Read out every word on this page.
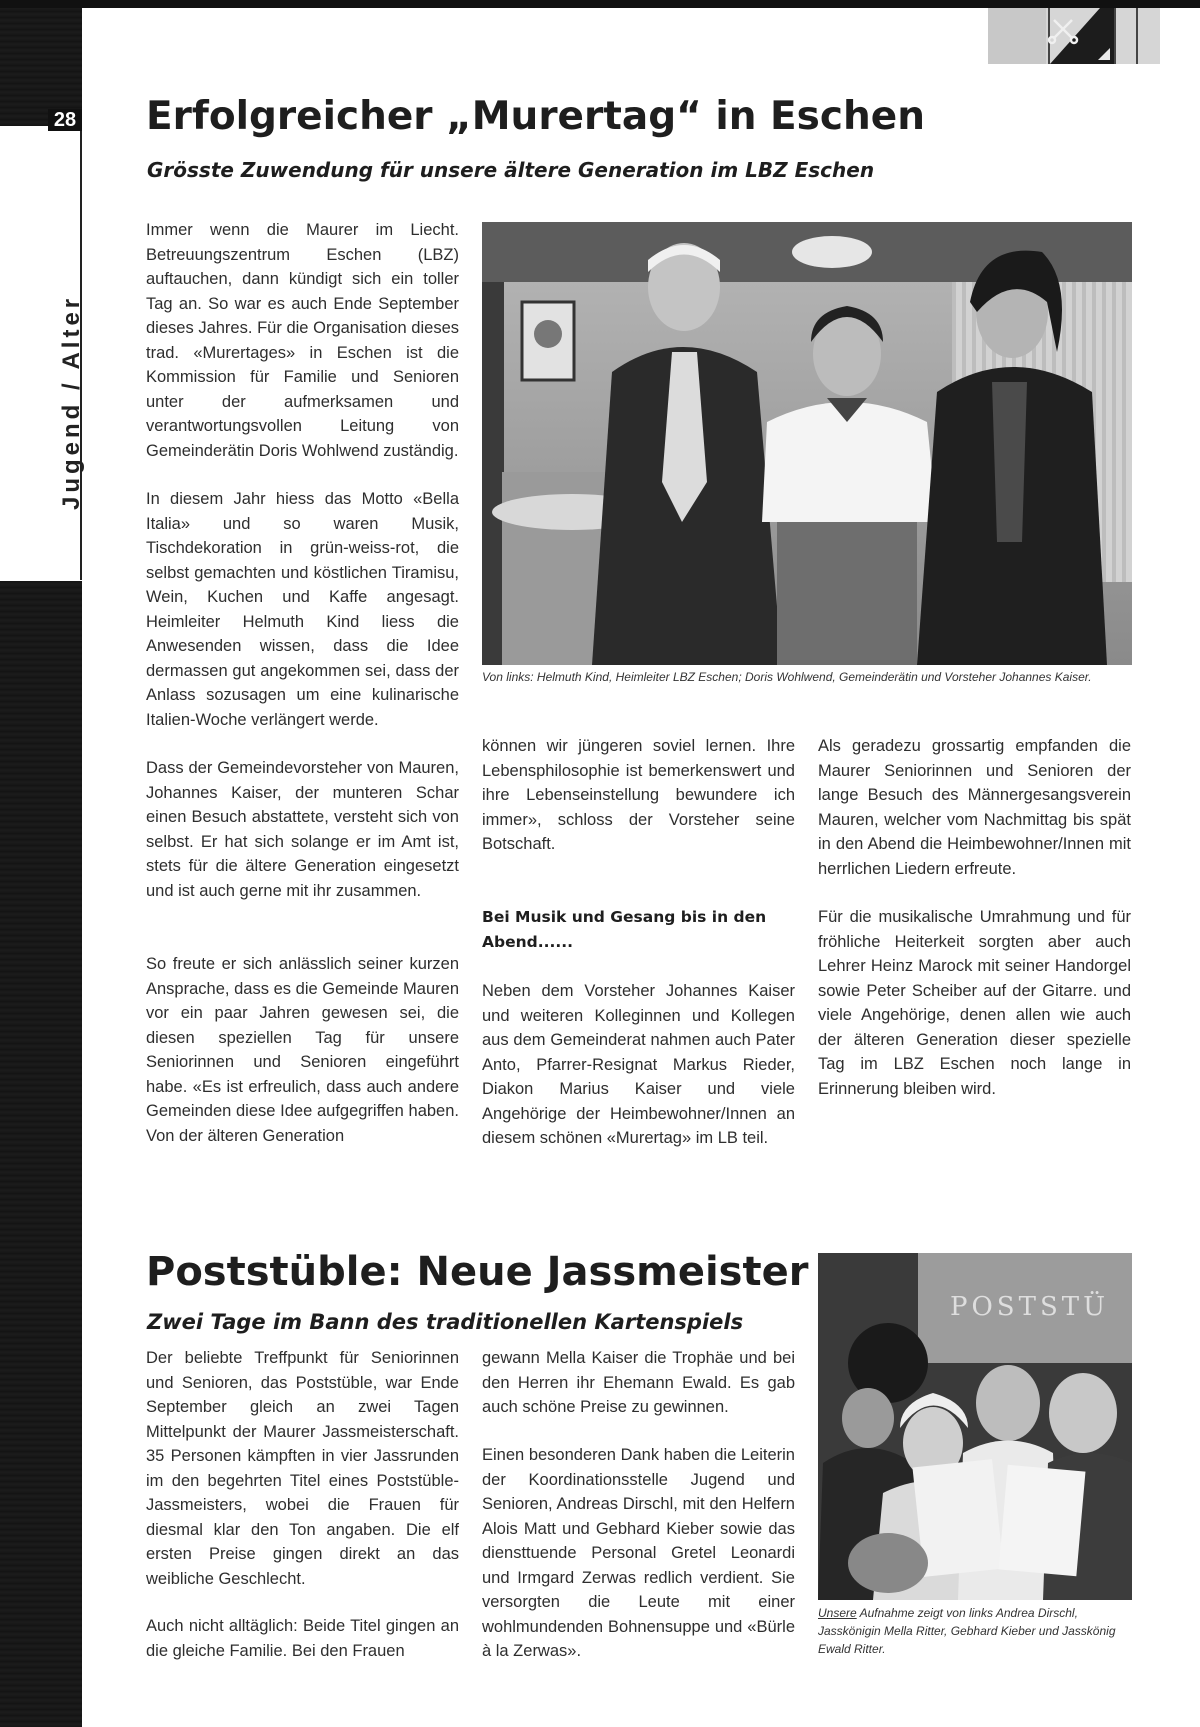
28
Jugend / Alter
Erfolgreicher „Murertag“ in Eschen
Grösste Zuwendung für unsere ältere Generation im LBZ Eschen

Immer wenn die Maurer im Liecht. Betreuungszentrum Eschen (LBZ) auftauchen, dann kündigt sich ein toller Tag an. So war es auch Ende September dieses Jahres. Für die Organisation dieses trad. «Murertages» in Eschen ist die Kommission für Familie und Senioren unter der aufmerksamen und verantwortungsvollen Leitung von Gemeinderätin Doris Wohlwend zuständig.

In diesem Jahr hiess das Motto «Bella Italia» und so waren Musik, Tischdekoration in grün-weiss-rot, die selbst gemachten und köstlichen Tiramisu, Wein, Kuchen und Kaffe angesagt. Heimleiter Helmuth Kind liess die Anwesenden wissen, dass die Idee dermassen gut angekommen sei, dass der Anlass sozusagen um eine kulinarische Italien-Woche verlängert werde.

Dass der Gemeindevorsteher von Mauren, Johannes Kaiser, der munteren Schar einen Besuch abstattete, versteht sich von selbst. Er hat sich solange er im Amt ist, stets für die ältere Generation eingesetzt und ist auch gerne mit ihr zusammen.

So freute er sich anlässlich seiner kurzen Ansprache, dass es die Gemeinde Mauren vor ein paar Jahren gewesen sei, die diesen speziellen Tag für unsere Seniorinnen und Senioren eingeführt habe. «Es ist erfreulich, dass auch andere Gemeinden diese Idee aufgegriffen haben. Von der älteren Generation

können wir jüngeren soviel lernen. Ihre Lebensphilosophie ist bemerkenswert und ihre Lebenseinstellung bewundere ich immer», schloss der Vorsteher seine Botschaft.

Bei Musik und Gesang bis in den Abend......

Neben dem Vorsteher Johannes Kaiser und weiteren Kolleginnen und Kollegen aus dem Gemeinderat nahmen auch Pater Anto, Pfarrer-Resignat Markus Rieder, Diakon Marius Kaiser und viele Angehörige der Heimbewohner/Innen an diesem schönen «Murertag» im LB teil.

Als geradezu grossartig empfanden die Maurer Seniorinnen und Senioren der lange Besuch des Männergesangsverein Mauren, welcher vom Nachmittag bis spät in den Abend die Heimbewohner/Innen mit herrlichen Liedern erfreute.

Für die musikalische Umrahmung und für fröhliche Heiterkeit sorgten aber auch Lehrer Heinz Marock mit seiner Handorgel sowie Peter Scheiber auf der Gitarre. und viele Angehörige, denen allen wie auch der älteren Generation dieser spezielle Tag im LBZ Eschen noch lange in Erinnerung bleiben wird.

Von links: Helmuth Kind, Heimleiter LBZ Eschen; Doris Wohlwend, Gemeinderätin und Vorsteher Johannes Kaiser.

Poststüble: Neue Jassmeister
Zwei Tage im Bann des traditionellen Kartenspiels

Der beliebte Treffpunkt für Seniorinnen und Senioren, das Poststüble, war Ende September gleich an zwei Tagen Mittelpunkt der Maurer Jassmeisterschaft. 35 Personen kämpften in vier Jassrunden im den begehrten Titel eines Poststüble-Jassmeisters, wobei die Frauen für diesmal klar den Ton angaben. Die elf ersten Preise gingen direkt an das weibliche Geschlecht.

Auch nicht alltäglich: Beide Titel gingen an die gleiche Familie. Bei den Frauen

gewann Mella Kaiser die Trophäe und bei den Herren ihr Ehemann Ewald. Es gab auch schöne Preise zu gewinnen.

Einen besonderen Dank haben die Leiterin der Koordinationsstelle Jugend und Senioren, Andreas Dirschl, mit den Helfern Alois Matt und Gebhard Kieber sowie das diensttuende Personal Gretel Leonardi und Irmgard Zerwas redlich verdient. Sie versorgten die Leute mit einer wohlmundenden Bohnensuppe und «Bürle à la Zerwas».

POSTSTÜ

Unsere Aufnahme zeigt von links Andrea Dirschl, Jasskönigin Mella Ritter, Gebhard Kieber und Jasskönig Ewald Ritter.
